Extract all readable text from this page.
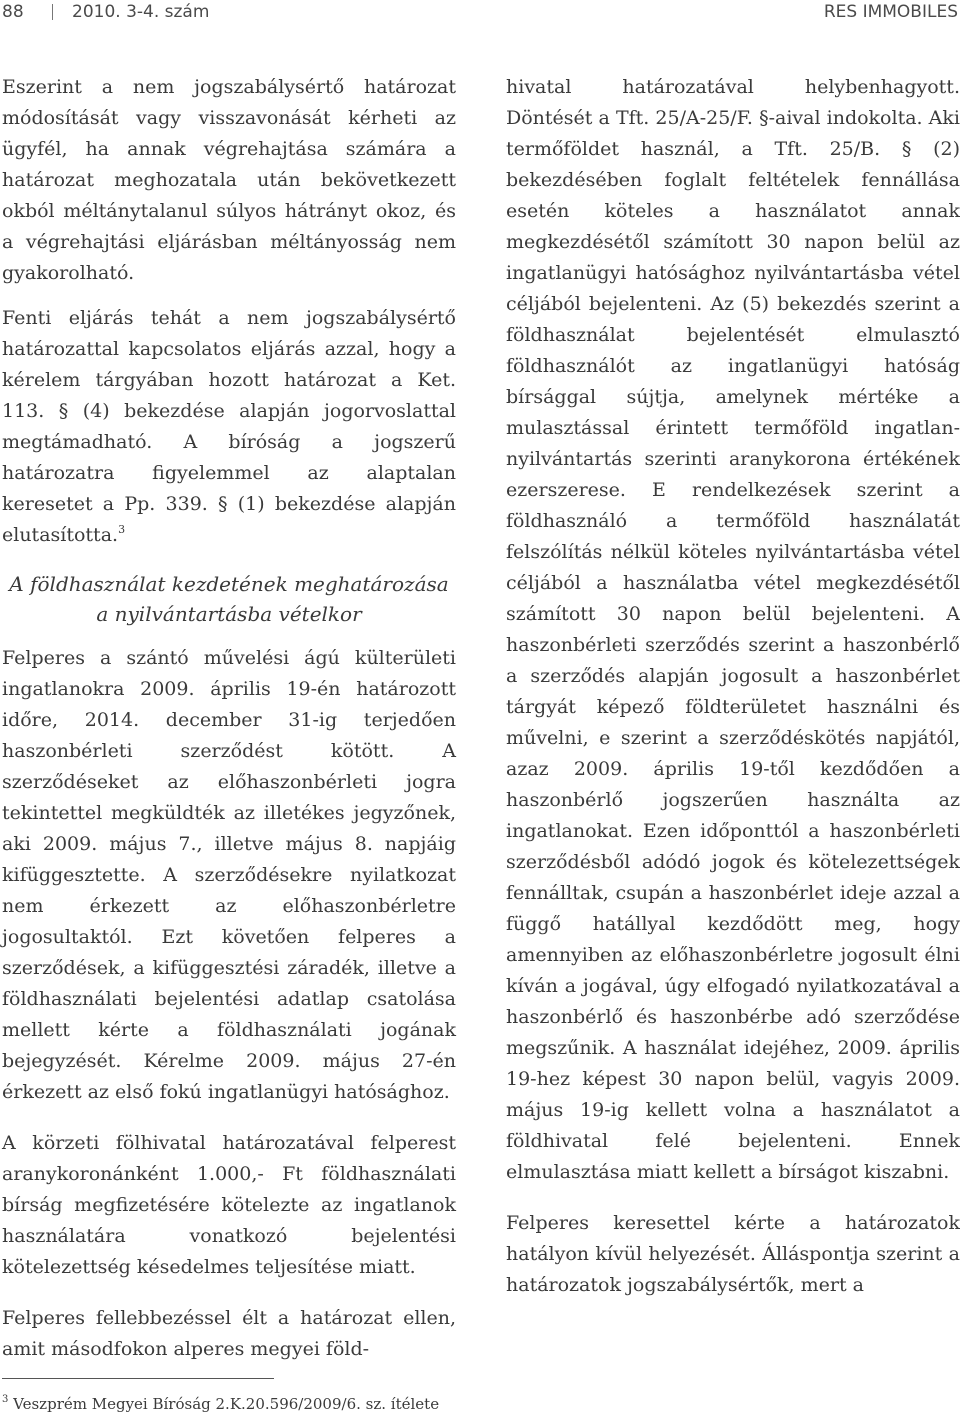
88	2010. 3-4. szám	RES IMMOBILES

Eszerint a nem jogszabálysértő határozat módosítását vagy visszavonását kérheti az ügyfél, ha annak végrehajtása számára a határozat meghozatala után bekövetkezett okból méltánytalanul súlyos hátrányt okoz, és a végrehajtási eljárásban méltányosság nem gyakorolható.

Fenti eljárás tehát a nem jogszabálysértő határozattal kapcsolatos eljárás azzal, hogy a kérelem tárgyában hozott határozat a Ket. 113. § (4) bekezdése alapján jogorvoslattal megtámadható. A bíróság a jogszerű határozatra figyelemmel az alaptalan keresetet a Pp. 339. § (1) bekezdése alapján elutasította.$^3$

A földhasználat kezdetének meghatározása a nyilvántartásba vételkor

Felperes a szántó művelési ágú külterületi ingatlanokra 2009. április 19-én határozott időre, 2014. december 31-ig terjedően haszonbérleti szerződést kötött. A szerződéseket az előhaszonbérleti jogra tekintettel megküldték az illetékes jegyzőnek, aki 2009. május 7., illetve május 8. napjáig kifüggesztette. A szerződésekre nyilatkozat nem érkezett az előhaszonbérletre jogosultaktól. Ezt követően felperes a szerződések, a kifüggesztési záradék, illetve a földhasználati bejelentési adatlap csatolása mellett kérte a földhasználati jogának bejegyzését. Kérelme 2009. május 27-én érkezett az első fokú ingatlanügyi hatósághoz.

A körzeti fölhivatal határozatával felperest aranykoronánként 1.000,- Ft földhasználati bírság megfizetésére kötelezte az ingatlanok használatára vonatkozó bejelentési kötelezettség késedelmes teljesítése miatt.

Felperes fellebbezéssel élt a határozat ellen, amit másodfokon alperes megyei föld-

hivatal határozatával helybenhagyott. Döntését a Tft. 25/A-25/F. §-aival indokolta. Aki termőföldet használ, a Tft. 25/B. § (2) bekezdésében foglalt feltételek fennállása esetén köteles a használatot annak megkezdésétől számított 30 napon belül az ingatlanügyi hatósághoz nyilvántartásba vétel céljából bejelenteni. Az (5) bekezdés szerint a földhasználat bejelentését elmulasztó földhasználót az ingatlanügyi hatóság bírsággal sújtja, amelynek mértéke a mulasztással érintett termőföld ingatlan-nyilvántartás szerinti aranykorona értékének ezerszerese. E rendelkezések szerint a földhasználó a termőföld használatát felszólítás nélkül köteles nyilvántartásba vétel céljából a használatba vétel megkezdésétől számított 30 napon belül bejelenteni. A haszonbérleti szerződés szerint a haszonbérlő a szerződés alapján jogosult a haszonbérlet tárgyát képező földterületet használni és művelni, e szerint a szerződéskötés napjától, azaz 2009. április 19-től kezdődően a haszonbérlő jogszerűen használta az ingatlanokat. Ezen időponttól a haszonbérleti szerződésből adódó jogok és kötelezettségek fennálltak, csupán a haszonbérlet ideje azzal a függő hatállyal kezdődött meg, hogy amennyiben az előhaszonbérletre jogosult élni kíván a jogával, úgy elfogadó nyilatkozatával a haszonbérlő és haszonbérbe adó szerződése megszűnik. A használat idejéhez, 2009. április 19-hez képest 30 napon belül, vagyis 2009. május 19-ig kellett volna a használatot a földhivatal felé bejelenteni. Ennek elmulasztása miatt kellett a bírságot kiszabni.

Felperes keresettel kérte a határozatok hatályon kívül helyezését. Álláspontja szerint a határozatok jogszabálysértők, mert a

$^3$ Veszprém Megyei Bíróság 2.K.20.596/2009/6. sz. ítélete
